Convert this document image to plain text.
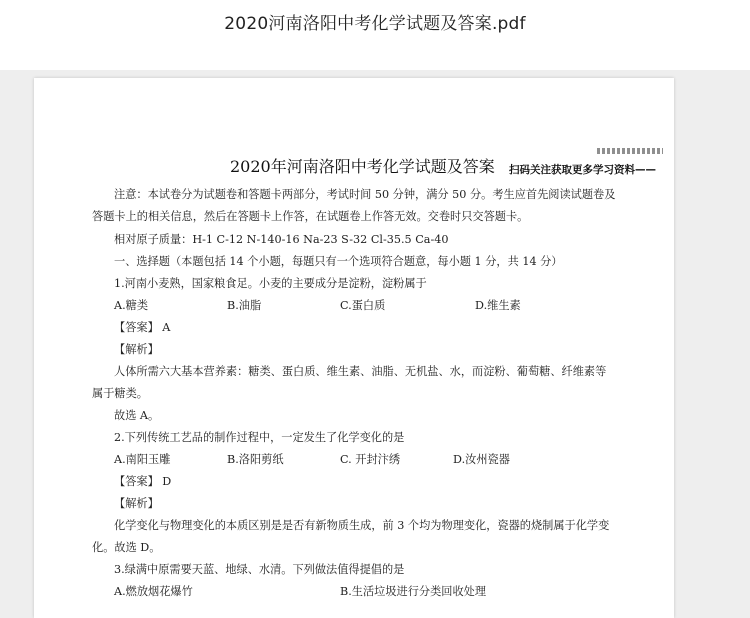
2020河南洛阳中考化学试题及答案.pdf
扫码关注获取更多学习资料——
2020年河南洛阳中考化学试题及答案
注意：本试卷分为试题卷和答题卡两部分，考试时间 50 分钟，满分 50 分。考生应首先阅读试题卷及
答题卡上的相关信息，然后在答题卡上作答，在试题卷上作答无效。交卷时只交答题卡。
相对原子质量：H-1 C-12 N-140-16 Na-23 S-32 Cl-35.5 Ca-40
一、选择题（本题包括 14 个小题，每题只有一个选项符合题意，每小题 1 分，共 14 分）
1.河南小麦熟，国家粮食足。小麦的主要成分是淀粉，淀粉属于
A.糖类	B.油脂	C.蛋白质	D.维生素
【答案】 A
【解析】
人体所需六大基本营养素：糖类、蛋白质、维生素、油脂、无机盐、水，而淀粉、葡萄糖、纤维素等
属于糖类。
故选 A。
2.下列传统工艺品的制作过程中，一定发生了化学变化的是
A.南阳玉雕	B.洛阳剪纸	C. 开封汴绣	D.汝州瓷器
【答案】 D
【解析】
化学变化与物理变化的本质区别是是否有新物质生成，前 3 个均为物理变化，瓷器的烧制属于化学变
化。故选 D。
3.绿满中原需要天蓝、地绿、水清。下列做法值得提倡的是
A.燃放烟花爆竹	B.生活垃圾进行分类回收处理
